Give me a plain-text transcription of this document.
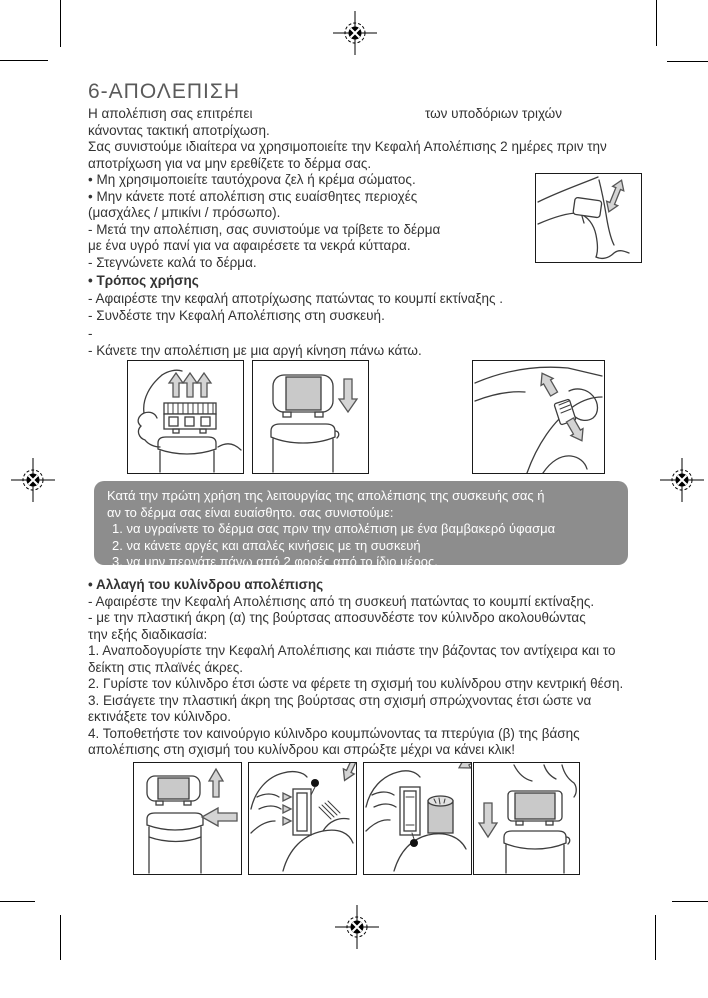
6-ΑΠΟΛΕΠΙΣΗ
Η απολέπιση σας επιτρέπει	των υποδόριων τριχών
κάνοντας τακτική αποτρίχωση.
Σας συνιστούμε ιδιαίτερα να χρησιμοποιείτε την Κεφαλή Απολέπισης 2 ημέρες πριν την
αποτρίχωση για να μην ερεθίζετε το δέρμα σας.
• Μη χρησιμοποιείτε ταυτόχρονα ζελ ή κρέμα σώματος.
• Μην κάνετε ποτέ απολέπιση στις ευαίσθητες περιοχές
(μασχάλες / μπικίνι / πρόσωπο).
- Μετά την απολέπιση, σας συνιστούμε να τρίβετε το δέρμα
με ένα υγρό πανί για να αφαιρέσετε τα νεκρά κύτταρα.
- Στεγνώνετε καλά το δέρμα.
• Τρόπος χρήσης
- Αφαιρέστε την κεφαλή αποτρίχωσης πατώντας το κουμπί εκτίναξης .
- Συνδέστε την Κεφαλή Απολέπισης στη συσκευή.
-
- Κάνετε την απολέπιση με μια αργή κίνηση πάνω κάτω.
Κατά την πρώτη χρήση της λειτουργίας της απολέπισης της συσκευής σας ή
αν το δέρμα σας είναι ευαίσθητο. σας συνιστούμε:
1. να υγραίνετε το δέρμα σας πριν την απολέπιση με ένα βαμβακερό ύφασμα
2. να κάνετε αργές και απαλές κινήσεις με τη συσκευή
3. να μην περνάτε πάνω από 2 φορές από το ίδιο μέρος.
• Αλλαγή του κυλίνδρου απολέπισης
- Αφαιρέστε την Κεφαλή Απολέπισης από τη συσκευή πατώντας το κουμπί εκτίναξης.
- με την πλαστική άκρη (α) της βούρτσας αποσυνδέστε τον κύλινδρο ακολουθώντας
την εξής διαδικασία:
1. Αναποδογυρίστε την Κεφαλή Απολέπισης και πιάστε την βάζοντας τον αντίχειρα και το
δείκτη στις πλαϊνές άκρες.
2. Γυρίστε τον κύλινδρο έτσι ώστε να φέρετε τη σχισμή του κυλίνδρου στην κεντρική θέση.
3. Εισάγετε την πλαστική άκρη της βούρτσας στη σχισμή σπρώχνοντας έτσι ώστε να
εκτινάξετε τον κύλινδρο.
4. Τοποθετήστε τον καινούργιο κύλινδρο κουμπώνοντας τα πτερύγια (β) της βάσης
απολέπισης στη σχισμή του κυλίνδρου και σπρώξτε μέχρι να κάνει κλικ!
